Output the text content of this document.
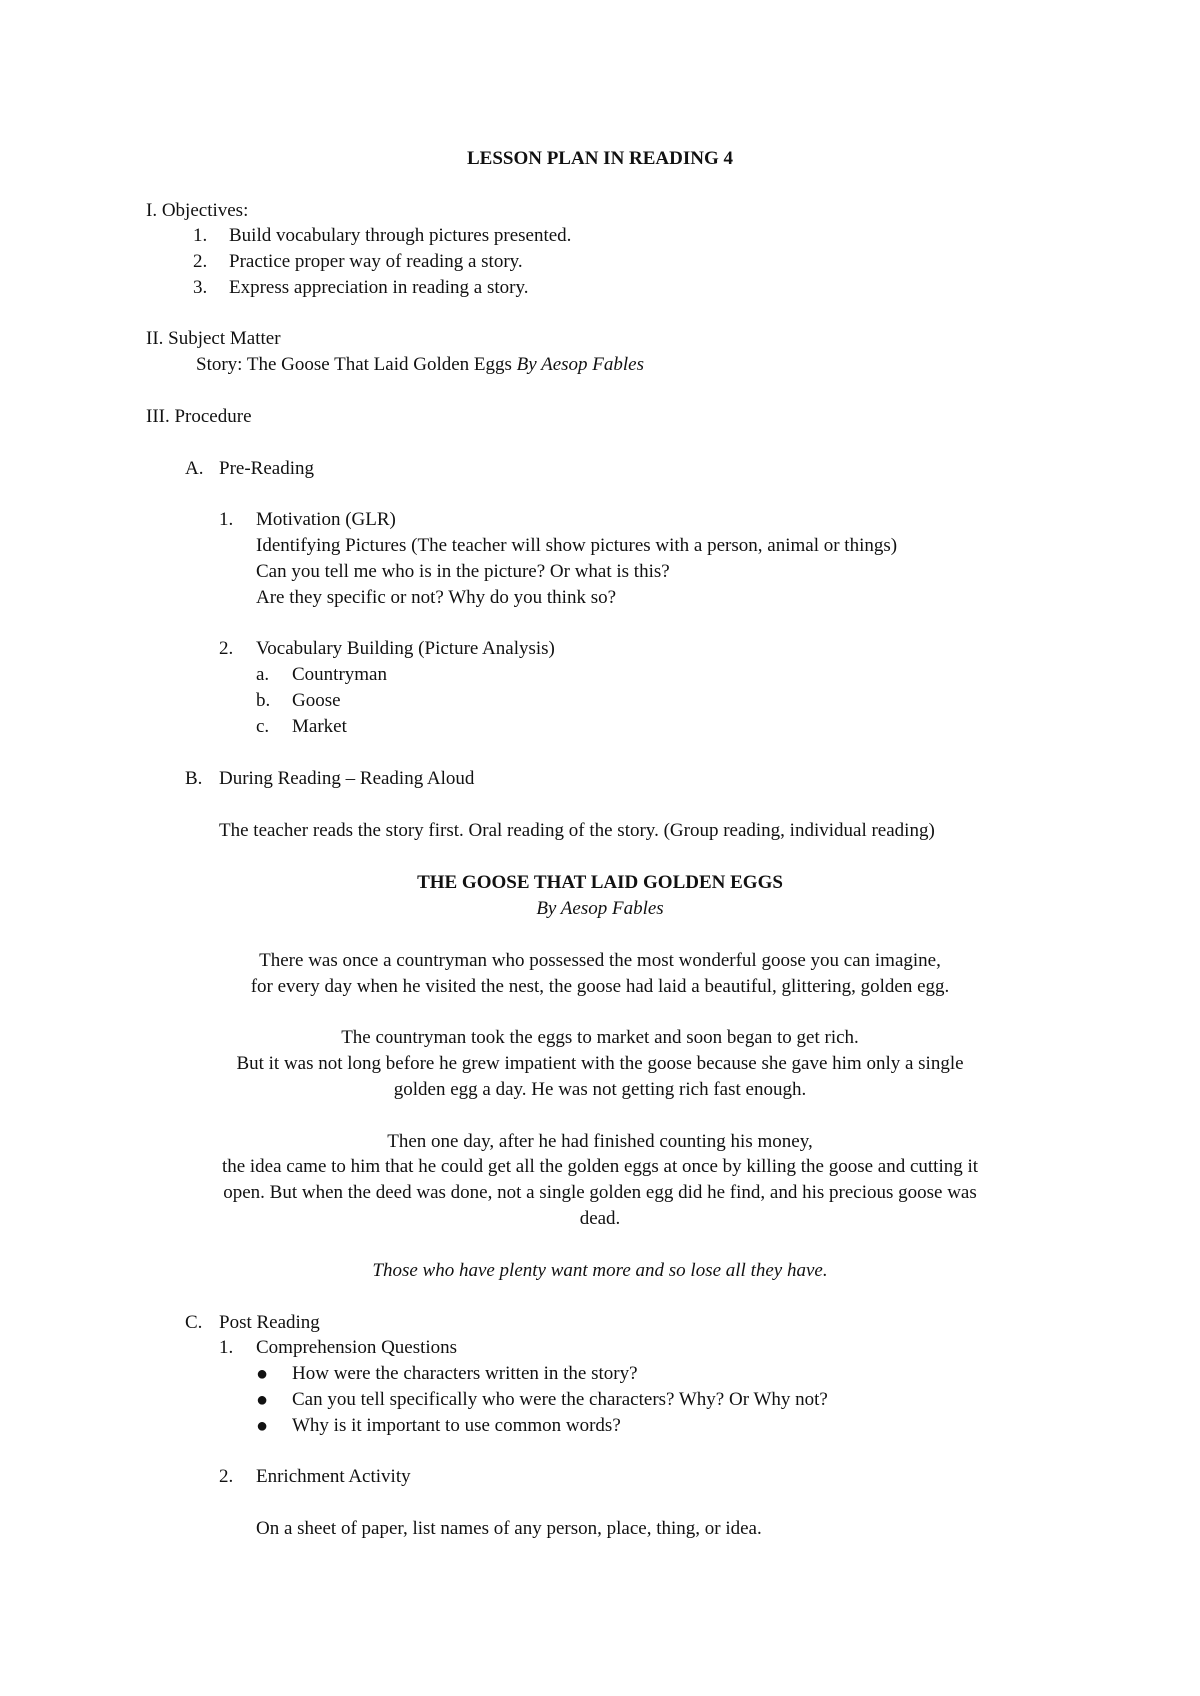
LESSON PLAN IN READING 4
I. Objectives:
1. Build vocabulary through pictures presented.
2. Practice proper way of reading a story.
3. Express appreciation in reading a story.
II. Subject Matter
Story: The Goose That Laid Golden Eggs By Aesop Fables
III. Procedure
A. Pre-Reading
1. Motivation (GLR)
Identifying Pictures (The teacher will show pictures with a person, animal or things)
Can you tell me who is in the picture? Or what is this?
Are they specific or not? Why do you think so?
2. Vocabulary Building (Picture Analysis)
a. Countryman
b. Goose
c. Market
B. During Reading – Reading Aloud
The teacher reads the story first. Oral reading of the story. (Group reading, individual reading)
THE GOOSE THAT LAID GOLDEN EGGS
By Aesop Fables
There was once a countryman who possessed the most wonderful goose you can imagine,
for every day when he visited the nest, the goose had laid a beautiful, glittering, golden egg.
The countryman took the eggs to market and soon began to get rich.
But it was not long before he grew impatient with the goose because she gave him only a single
golden egg a day. He was not getting rich fast enough.
Then one day, after he had finished counting his money,
the idea came to him that he could get all the golden eggs at once by killing the goose and cutting it
open. But when the deed was done, not a single golden egg did he find, and his precious goose was
dead.
Those who have plenty want more and so lose all they have.
C. Post Reading
1. Comprehension Questions
● How were the characters written in the story?
● Can you tell specifically who were the characters? Why? Or Why not?
● Why is it important to use common words?
2. Enrichment Activity
On a sheet of paper, list names of any person, place, thing, or idea.
